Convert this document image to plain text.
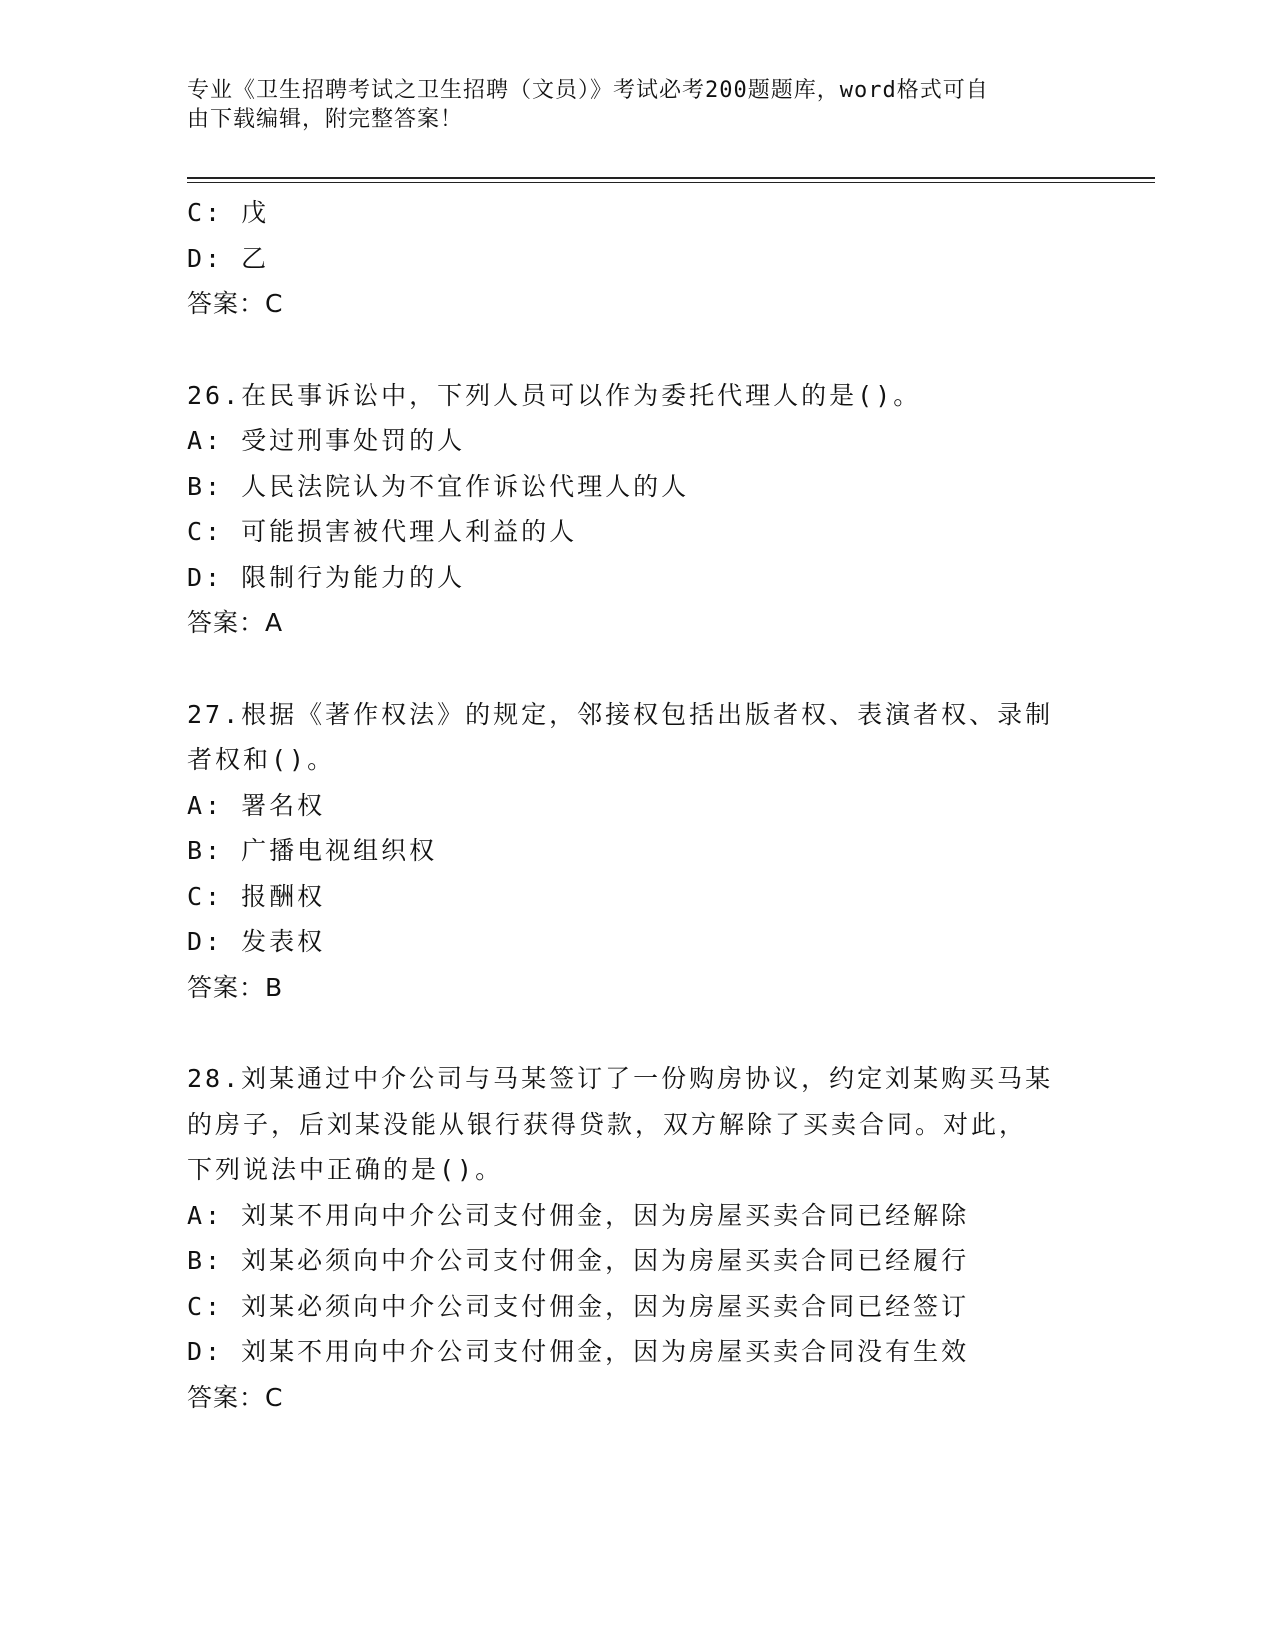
专业《卫生招聘考试之卫生招聘（文员）》考试必考200题题库，word格式可自
由下载编辑，附完整答案！
C: 戊
D: 乙
答案：C
26.在民事诉讼中，下列人员可以作为委托代理人的是()。
A: 受过刑事处罚的人
B: 人民法院认为不宜作诉讼代理人的人
C: 可能损害被代理人利益的人
D: 限制行为能力的人
答案：A
27.根据《著作权法》的规定，邻接权包括出版者权、表演者权、录制
者权和()。
A: 署名权
B: 广播电视组织权
C: 报酬权
D: 发表权
答案：B
28.刘某通过中介公司与马某签订了一份购房协议，约定刘某购买马某
的房子，后刘某没能从银行获得贷款，双方解除了买卖合同。对此，
下列说法中正确的是()。
A: 刘某不用向中介公司支付佣金，因为房屋买卖合同已经解除
B: 刘某必须向中介公司支付佣金，因为房屋买卖合同已经履行
C: 刘某必须向中介公司支付佣金，因为房屋买卖合同已经签订
D: 刘某不用向中介公司支付佣金，因为房屋买卖合同没有生效
答案：C
